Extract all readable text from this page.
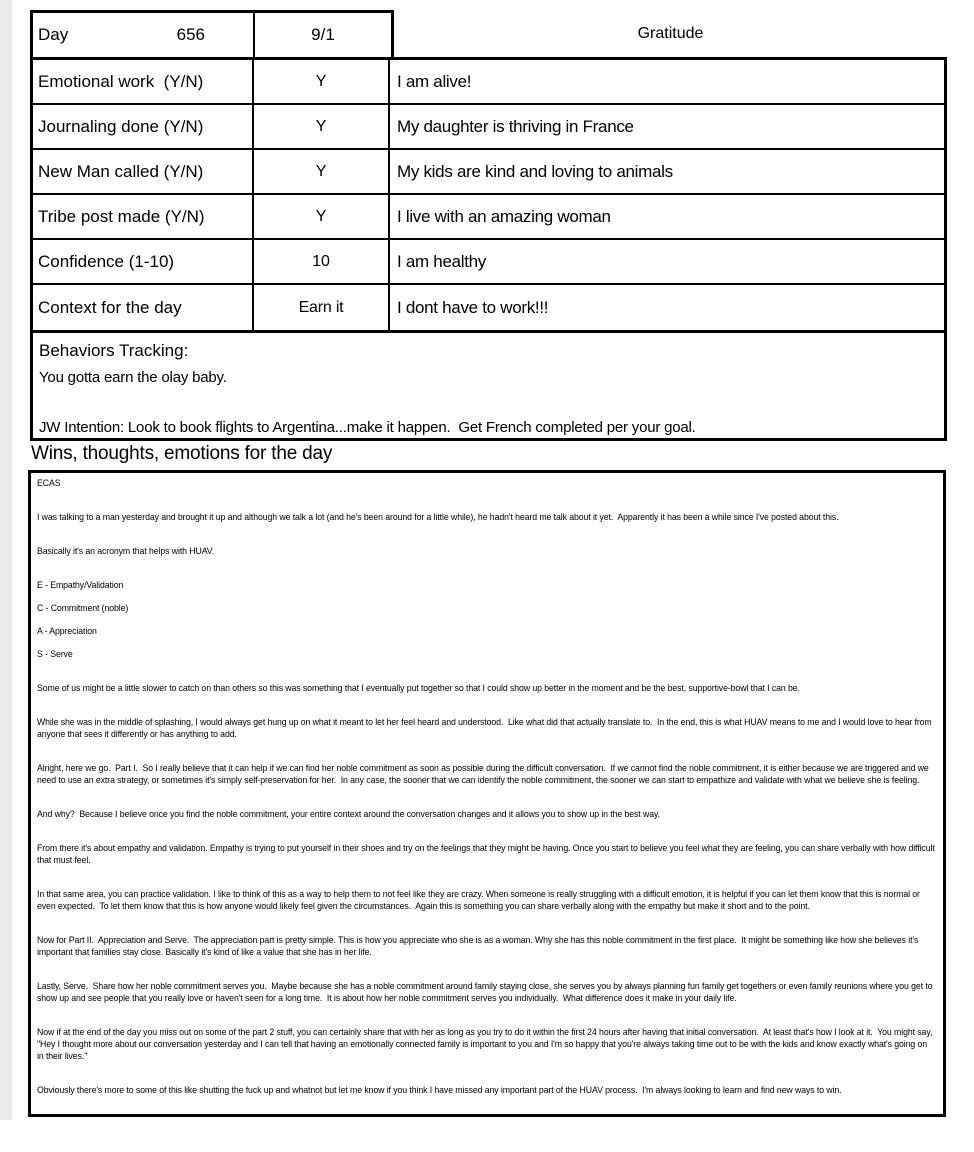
Day	656	9/1	Gratitude
Emotional work  (Y/N)	Y	I am alive!
Journaling done (Y/N)	Y	My daughter is thriving in France
New Man called (Y/N)	Y	My kids are kind and loving to animals
Tribe post made (Y/N)	Y	I live with an amazing woman
Confidence (1-10)	10	I am healthy
Context for the day	Earn it	I dont have to work!!!
Behaviors Tracking:
You gotta earn the olay baby.
JW Intention: Look to book flights to Argentina...make it happen.  Get French completed per your goal.
Wins, thoughts, emotions for the day

ECAS

I was talking to a man yesterday and brought it up and although we talk a lot (and he's been around for a little while), he hadn't heard me talk about it yet.  Apparently it has been a while since I've posted about this.

Basically it's an acronym that helps with HUAV.

E - Empathy/Validation

C - Commitment (noble)

A - Appreciation

S - Serve

Some of us might be a little slower to catch on than others so this was something that I eventually put together so that I could show up better in the moment and be the best, supportive-bowl that I can be.

While she was in the middle of splashing, I would always get hung up on what it meant to let her feel heard and understood.  Like what did that actually translate to.  In the end, this is what HUAV means to me and I would love to hear from anyone that sees it differently or has anything to add.

Alright, here we go.  Part I.  So I really believe that it can help if we can find her noble commitment as soon as possible during the difficult conversation.  If we cannot find the noble commitment, it is either because we are triggered and we need to use an extra strategy, or sometimes it's simply self-preservation for her.  In any case, the sooner that we can identify the noble commitment, the sooner we can start to empathize and validate with what we believe she is feeling.

And why?  Because I believe once you find the noble commitment, your entire context around the conversation changes and it allows you to show up in the best way.

From there it's about empathy and validation. Empathy is trying to put yourself in their shoes and try on the feelings that they might be having. Once you start to believe you feel what they are feeling, you can share verbally with how difficult that must feel.

In that same area, you can practice validation. I like to think of this as a way to help them to not feel like they are crazy. When someone is really struggling with a difficult emotion, it is helpful if you can let them know that this is normal or even expected.  To let them know that this is how anyone would likely feel given the circumstances.  Again this is something you can share verbally along with the empathy but make it short and to the point.

Now for Part II.  Appreciation and Serve.  The appreciation part is pretty simple. This is how you appreciate who she is as a woman. Why she has this noble commitment in the first place.  It might be something like how she believes it's important that families stay close. Basically it's kind of like a value that she has in her life.

Lastly, Serve.  Share how her noble commitment serves you.  Maybe because she has a noble commitment around family staying close, she serves you by always planning fun family get togethers or even family reunions where you get to show up and see people that you really love or haven't seen for a long time.  It is about how her noble commitment serves you individually.  What difference does it make in your daily life.

Now if at the end of the day you miss out on some of the part 2 stuff, you can certainly share that with her as long as you try to do it within the first 24 hours after having that initial conversation.  At least that's how I look at it.  You might say, "Hey I thought more about our conversation yesterday and I can tell that having an emotionally connected family is important to you and I'm so happy that you're always taking time out to be with the kids and know exactly what's going on in their lives."

Obviously there's more to some of this like shutting the fuck up and whatnot but let me know if you think I have missed any important part of the HUAV process.  I'm always looking to learn and find new ways to win.
